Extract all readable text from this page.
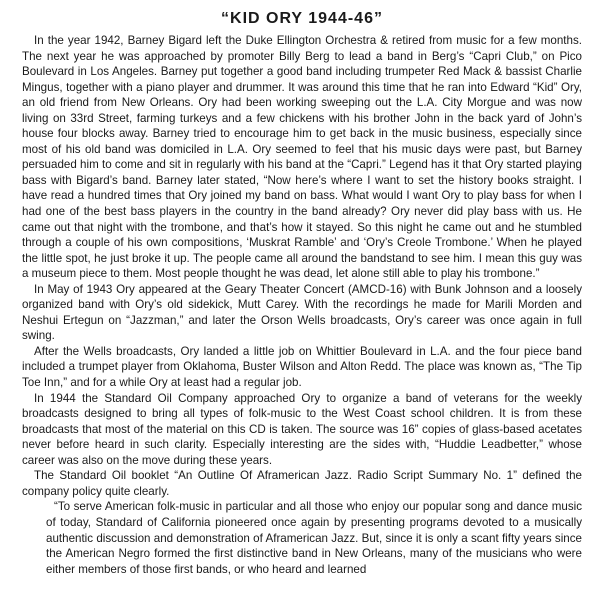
“KID ORY 1944-46”

In the year 1942, Barney Bigard left the Duke Ellington Orchestra & retired from music for a few months. The next year he was approached by promoter Billy Berg to lead a band in Berg’s “Capri Club,” on Pico Boulevard in Los Angeles. Barney put together a good band including trumpeter Red Mack & bassist Charlie Mingus, together with a piano player and drummer. It was around this time that he ran into Edward “Kid” Ory, an old friend from New Orleans. Ory had been working sweeping out the L.A. City Morgue and was now living on 33rd Street, farming turkeys and a few chickens with his brother John in the back yard of John’s house four blocks away. Barney tried to encourage him to get back in the music business, especially since most of his old band was domiciled in L.A. Ory seemed to feel that his music days were past, but Barney persuaded him to come and sit in regularly with his band at the “Capri.” Legend has it that Ory started playing bass with Bigard’s band. Barney later stated, “Now here’s where I want to set the history books straight. I have read a hundred times that Ory joined my band on bass. What would I want Ory to play bass for when I had one of the best bass players in the country in the band already? Ory never did play bass with us. He came out that night with the trombone, and that’s how it stayed. So this night he came out and he stumbled through a couple of his own compositions, ‘Muskrat Ramble’ and ‘Ory’s Creole Trombone.’ When he played the little spot, he just broke it up. The people came all around the bandstand to see him. I mean this guy was a museum piece to them. Most people thought he was dead, let alone still able to play his trombone.”

In May of 1943 Ory appeared at the Geary Theater Concert (AMCD-16) with Bunk Johnson and a loosely organized band with Ory’s old sidekick, Mutt Carey. With the recordings he made for Marili Morden and Neshui Ertegun on “Jazzman,” and later the Orson Wells broadcasts, Ory’s career was once again in full swing.

After the Wells broadcasts, Ory landed a little job on Whittier Boulevard in L.A. and the four piece band included a trumpet player from Oklahoma, Buster Wilson and Alton Redd. The place was known as, “The Tip Toe Inn,” and for a while Ory at least had a regular job.

In 1944 the Standard Oil Company approached Ory to organize a band of veterans for the weekly broadcasts designed to bring all types of folk-music to the West Coast school children. It is from these broadcasts that most of the material on this CD is taken. The source was 16” copies of glass-based acetates never before heard in such clarity. Especially interesting are the sides with, “Huddie Leadbetter,” whose career was also on the move during these years.

The Standard Oil booklet “An Outline Of Aframerican Jazz. Radio Script Summary No. 1” defined the company policy quite clearly.

“To serve American folk-music in particular and all those who enjoy our popular song and dance music of today, Standard of California pioneered once again by presenting programs devoted to a musically authentic discussion and demonstration of Aframerican Jazz. But, since it is only a scant fifty years since the American Negro formed the first distinctive band in New Orleans, many of the musicians who were either members of those first bands, or who heard and learned
